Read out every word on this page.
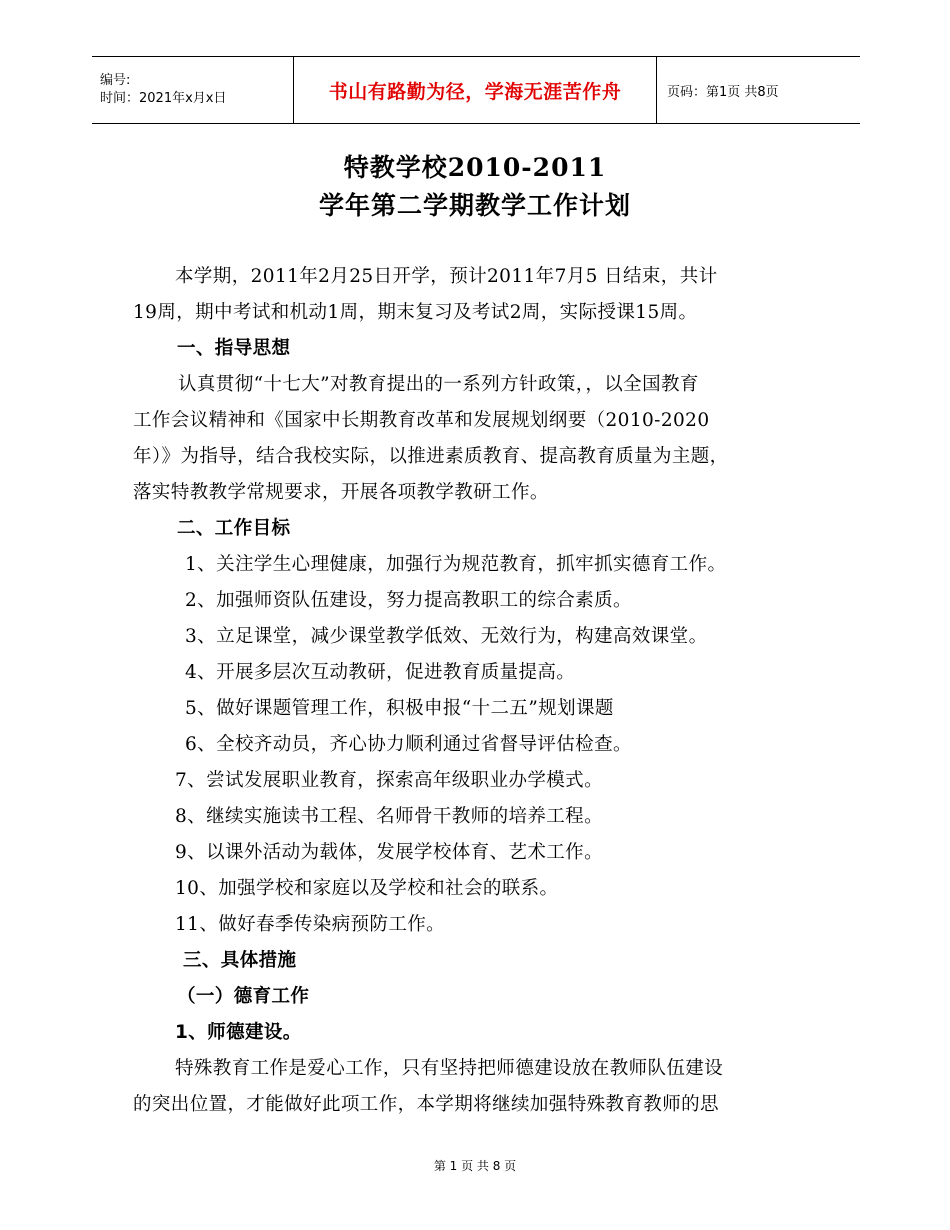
编号:
时间：2021年x月x日	书山有路勤为径，学海无涯苦作舟	页码：第1页 共8页
特教学校2010-2011
学年第二学期教学工作计划
本学期，2011年2月25日开学，预计2011年7月5 日结束，共计
19周，期中考试和机动1周，期末复习及考试2周，实际授课15周。
一、指导思想
认真贯彻“十七大”对教育提出的一系列方针政策，，以全国教育
工作会议精神和《国家中长期教育改革和发展规划纲要（2010-2020
年）》为指导，结合我校实际，以推进素质教育、提高教育质量为主题，
落实特教教学常规要求，开展各项教学教研工作。
二、工作目标
1、关注学生心理健康，加强行为规范教育，抓牢抓实德育工作。
2、加强师资队伍建设，努力提高教职工的综合素质。
3、立足课堂，减少课堂教学低效、无效行为，构建高效课堂。
4、开展多层次互动教研，促进教育质量提高。
5、做好课题管理工作，积极申报“十二五”规划课题
6、全校齐动员，齐心协力顺利通过省督导评估检查。
7、尝试发展职业教育，探索高年级职业办学模式。
8、继续实施读书工程、名师骨干教师的培养工程。
9、以课外活动为载体，发展学校体育、艺术工作。
10、加强学校和家庭以及学校和社会的联系。
11、做好春季传染病预防工作。
三、具体措施
（一）德育工作
1、师德建设。
特殊教育工作是爱心工作，只有坚持把师德建设放在教师队伍建设
的突出位置，才能做好此项工作，本学期将继续加强特殊教育教师的思
第 1 页 共 8 页
